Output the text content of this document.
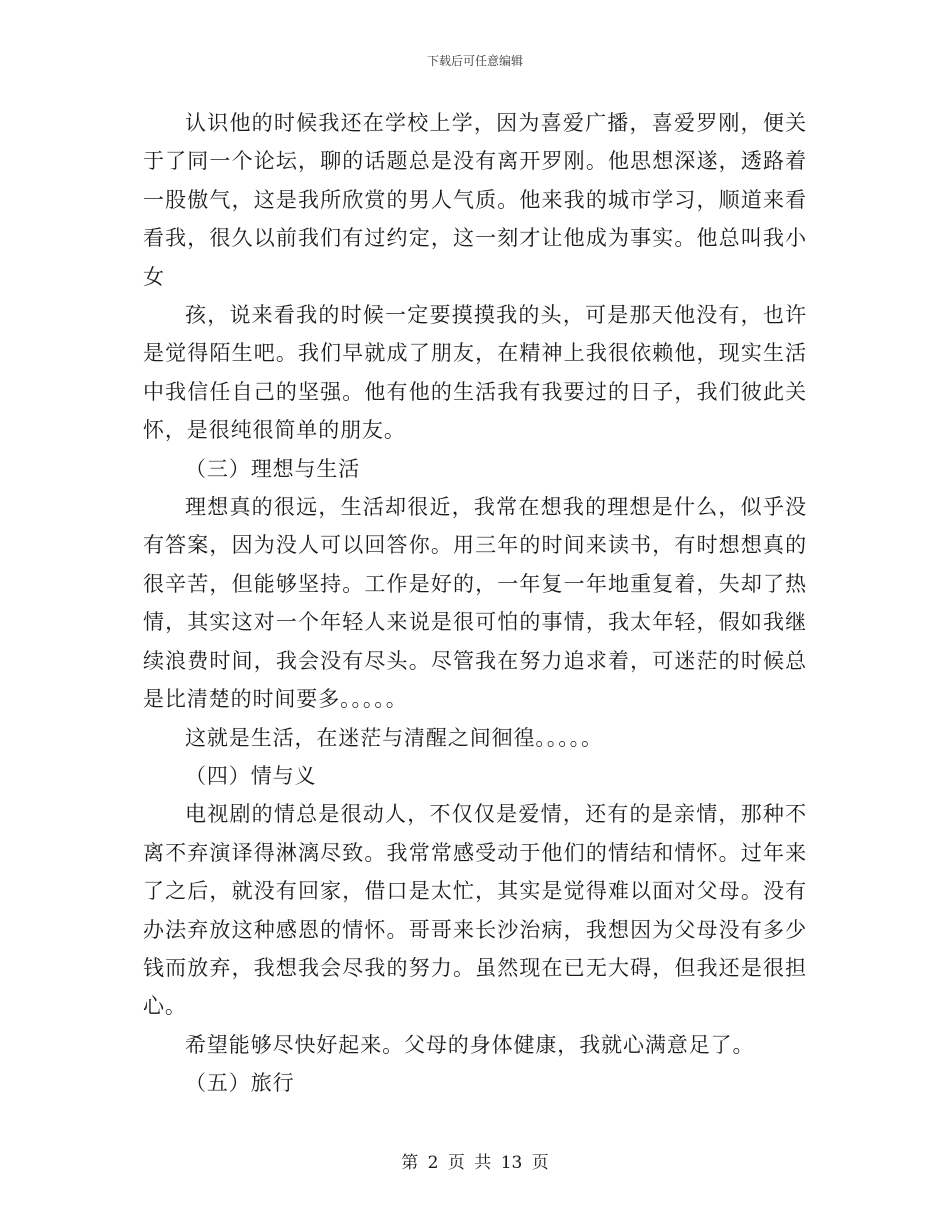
下载后可任意编辑

认识他的时候我还在学校上学，因为喜爱广播，喜爱罗刚，便关于了同一个论坛，聊的话题总是没有离开罗刚。他思想深遂，透路着一股傲气，这是我所欣赏的男人气质。他来我的城市学习，顺道来看看我，很久以前我们有过约定，这一刻才让他成为事实。他总叫我小女

孩，说来看我的时候一定要摸摸我的头，可是那天他没有，也许是觉得陌生吧。我们早就成了朋友，在精神上我很依赖他，现实生活中我信任自己的坚强。他有他的生活我有我要过的日子，我们彼此关怀，是很纯很简单的朋友。

（三）理想与生活

理想真的很远，生活却很近，我常在想我的理想是什么，似乎没有答案，因为没人可以回答你。用三年的时间来读书，有时想想真的很辛苦，但能够坚持。工作是好的，一年复一年地重复着，失却了热情，其实这对一个年轻人来说是很可怕的事情，我太年轻，假如我继续浪费时间，我会没有尽头。尽管我在努力追求着，可迷茫的时候总是比清楚的时间要多。。。。。

这就是生活，在迷茫与清醒之间徊徨。。。。。

（四）情与义

电视剧的情总是很动人，不仅仅是爱情，还有的是亲情，那种不离不弃演译得淋漓尽致。我常常感受动于他们的情结和情怀。过年来了之后，就没有回家，借口是太忙，其实是觉得难以面对父母。没有办法弃放这种感恩的情怀。哥哥来长沙治病，我想因为父母没有多少钱而放弃，我想我会尽我的努力。虽然现在已无大碍，但我还是很担心。

希望能够尽快好起来。父母的身体健康，我就心满意足了。

（五）旅行

第 2 页 共 13 页
